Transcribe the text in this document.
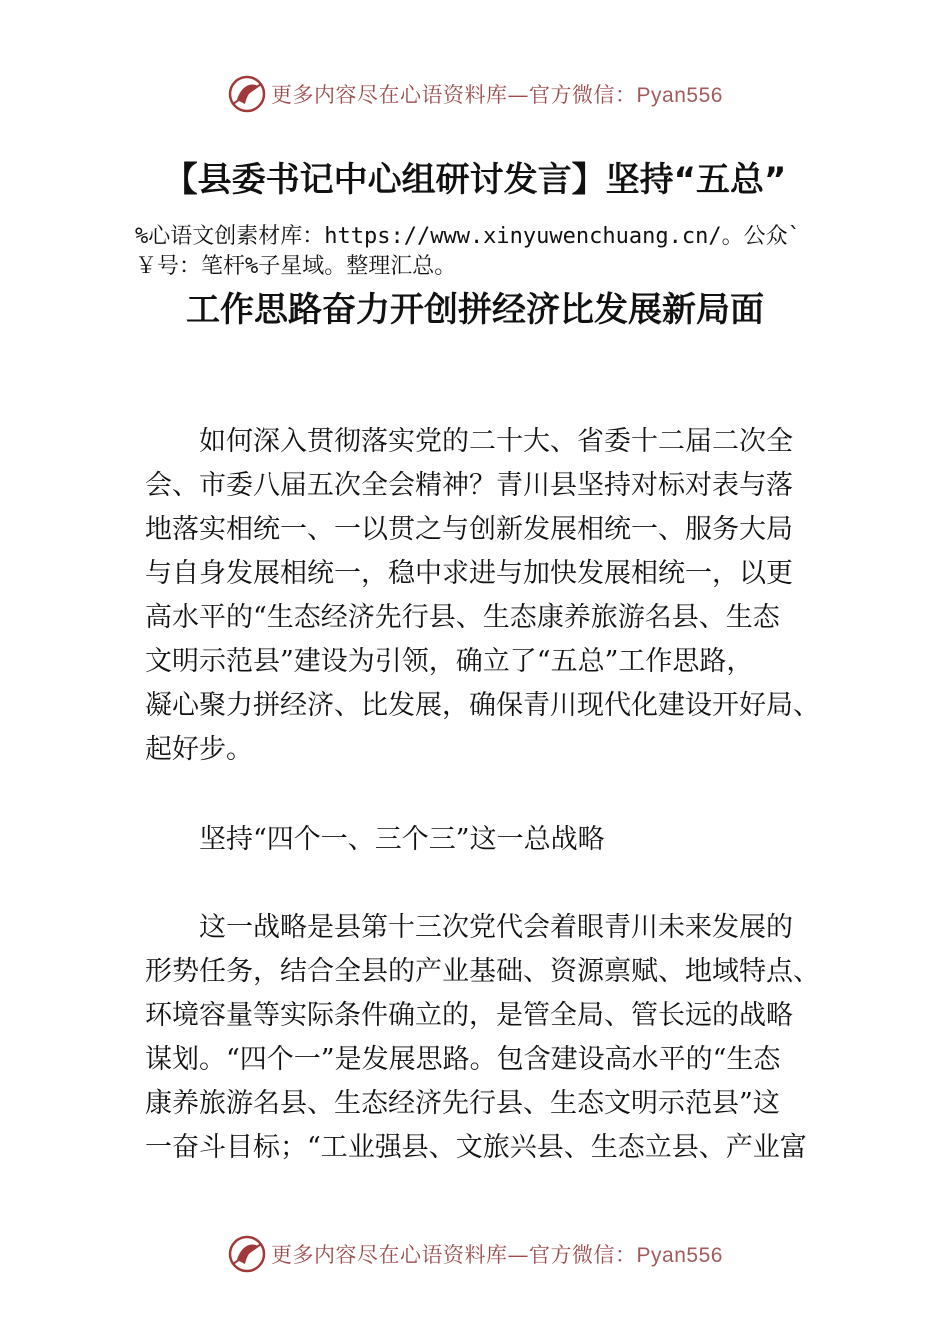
更多内容尽在心语资料库—官方微信：Pyan556
【县委书记中心组研讨发言】坚持“五总”
%心语文创素材库：https://www.xinyuwenchuang.cn/。公众`￥号：笔杆%子星域。整理汇总。
工作思路奋力开创拼经济比发展新局面
如何深入贯彻落实党的二十大、省委十二届二次全
会、市委八届五次全会精神？青川县坚持对标对表与落
地落实相统一、一以贯之与创新发展相统一、服务大局
与自身发展相统一，稳中求进与加快发展相统一，以更
高水平的“生态经济先行县、生态康养旅游名县、生态
文明示范县”建设为引领，确立了“五总”工作思路，
凝心聚力拼经济、比发展，确保青川现代化建设开好局、
起好步。
坚持“四个一、三个三”这一总战略
这一战略是县第十三次党代会着眼青川未来发展的
形势任务，结合全县的产业基础、资源禀赋、地域特点、
环境容量等实际条件确立的，是管全局、管长远的战略
谋划。“四个一”是发展思路。包含建设高水平的“生态
康养旅游名县、生态经济先行县、生态文明示范县”这
一奋斗目标；“工业强县、文旅兴县、生态立县、产业富
更多内容尽在心语资料库—官方微信：Pyan556
